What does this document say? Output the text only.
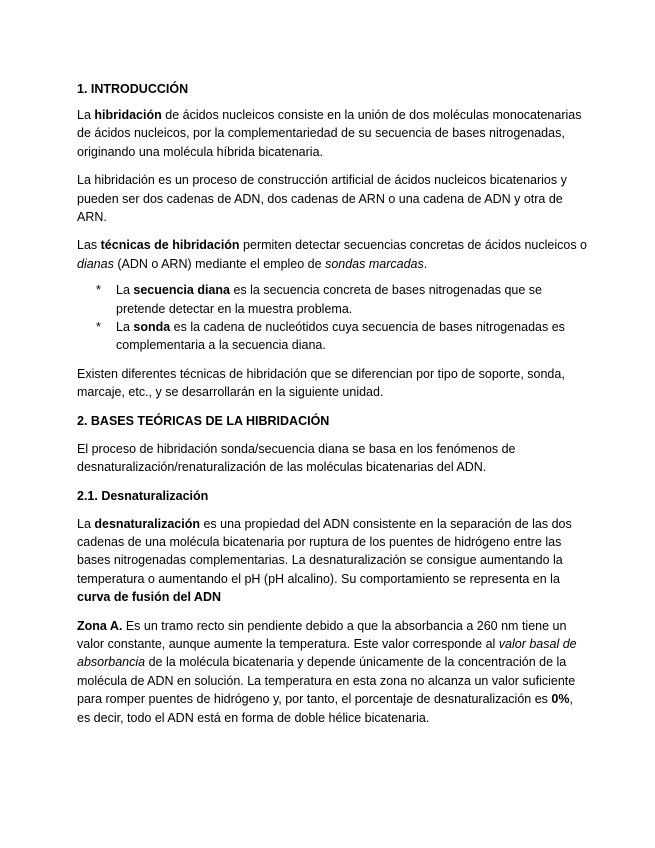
1. INTRODUCCIÓN

La hibridación de ácidos nucleicos consiste en la unión de dos moléculas monocatenarias de ácidos nucleicos, por la complementariedad de su secuencia de bases nitrogenadas, originando una molécula híbrida bicatenaria.

La hibridación es un proceso de construcción artificial de ácidos nucleicos bicatenarios y pueden ser dos cadenas de ADN, dos cadenas de ARN o una cadena de ADN y otra de ARN.

Las técnicas de hibridación permiten detectar secuencias concretas de ácidos nucleicos o dianas (ADN o ARN) mediante el empleo de sondas marcadas.

* La secuencia diana es la secuencia concreta de bases nitrogenadas que se pretende detectar en la muestra problema.
* La sonda es la cadena de nucleótidos cuya secuencia de bases nitrogenadas es complementaria a la secuencia diana.

Existen diferentes técnicas de hibridación que se diferencian por tipo de soporte, sonda, marcaje, etc., y se desarrollarán en la siguiente unidad.

2. BASES TEÓRICAS DE LA HIBRIDACIÓN

El proceso de hibridación sonda/secuencia diana se basa en los fenómenos de desnaturalización/renaturalización de las moléculas bicatenarias del ADN.

2.1. Desnaturalización

La desnaturalización es una propiedad del ADN consistente en la separación de las dos cadenas de una molécula bicatenaria por ruptura de los puentes de hidrógeno entre las bases nitrogenadas complementarias. La desnaturalización se consigue aumentando la temperatura o aumentando el pH (pH alcalino). Su comportamiento se representa en la curva de fusión del ADN

Zona A. Es un tramo recto sin pendiente debido a que la absorbancia a 260 nm tiene un valor constante, aunque aumente la temperatura. Este valor corresponde al valor basal de absorbancia de la molécula bicatenaria y depende únicamente de la concentración de la molécula de ADN en solución. La temperatura en esta zona no alcanza un valor suficiente para romper puentes de hidrógeno y, por tanto, el porcentaje de desnaturalización es 0%, es decir, todo el ADN está en forma de doble hélice bicatenaria.
